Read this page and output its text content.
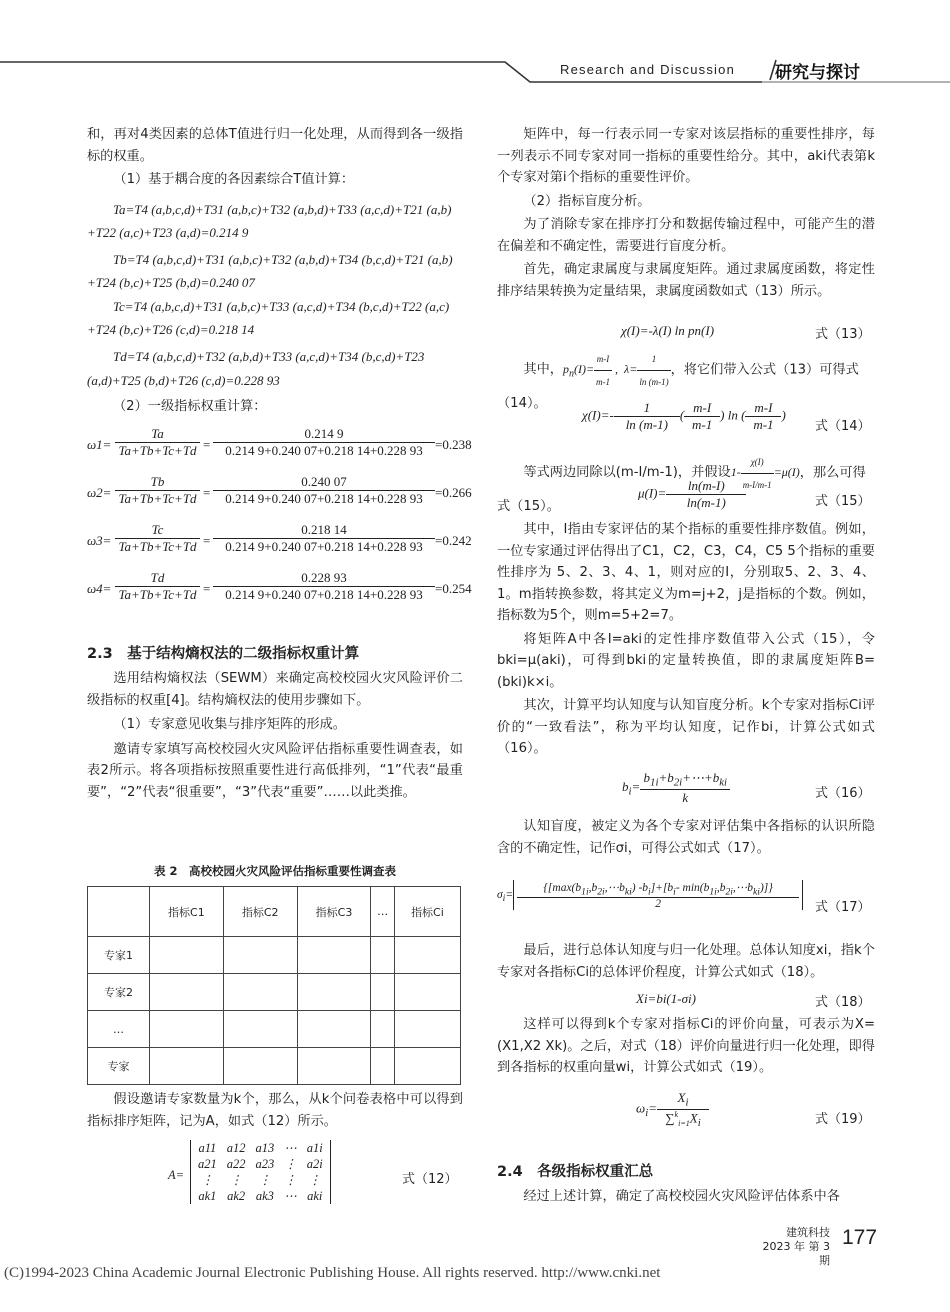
Research and Discussion 研究与探讨
和，再对4类因素的总体T值进行归一化处理，从而得到各一级指标的权重。
（1）基于耦合度的各因素综合T值计算：
Ta=T4 (a,b,c,d)+T31 (a,b,c)+T32 (a,b,d)+T33 (a,c,d)+T21 (a,b)
+T22 (a,c)+T23 (a,d)=0.214 9
Tb=T4 (a,b,c,d)+T31 (a,b,c)+T32 (a,b,d)+T34 (b,c,d)+T21 (a,b)
+T24 (b,c)+T25 (b,d)=0.240 07
Tc=T4 (a,b,c,d)+T31 (a,b,c)+T33 (a,c,d)+T34 (b,c,d)+T22 (a,c)
+T24 (b,c)+T26 (c,d)=0.218 14
Td=T4 (a,b,c,d)+T32 (a,b,d)+T33 (a,c,d)+T34 (b,c,d)+T23
(a,d)+T25 (b,d)+T26 (c,d)=0.228 93
（2）一级指标权重计算：
$\omega 1= \frac{Ta}{Ta+Tb+Tc+Td} = \frac{0.214 9}{0.214 9+0.240 07+0.218 14+0.228 93} =0.238$
$\omega 2= \frac{Tb}{Ta+Tb+Tc+Td} = \frac{0.240 07}{0.214 9+0.240 07+0.218 14+0.228 93} =0.266$
$\omega 3= \frac{Tc}{Ta+Tb+Tc+Td} = \frac{0.218 14}{0.214 9+0.240 07+0.218 14+0.228 93} =0.242$
$\omega 4= \frac{Td}{Ta+Tb+Tc+Td} = \frac{0.228 93}{0.214 9+0.240 07+0.218 14+0.228 93} =0.254$
2.3　基于结构熵权法的二级指标权重计算
选用结构熵权法（SEWM）来确定高校校园火灾风险评价二级指标的权重[4]。结构熵权法的使用步骤如下。
（1）专家意见收集与排序矩阵的形成。
邀请专家填写高校校园火灾风险评估指标重要性调查表，如表2所示。将各项指标按照重要性进行高低排列，“1”代表“最重要”，“2”代表“很重要”，“3”代表“重要”……以此类推。
表 2　高校校园火灾风险评估指标重要性调查表
	指标C1	指标C2	指标C3	…	指标Ci
专家1					
专家2					
…					
专家					
假设邀请专家数量为k个，那么，从k个问卷表格中可以得到指标排序矩阵，记为A，如式（12）所示。
A=
a11	a12	a13	⋯	a1i
a21	a22	a23	⋮	a2i
⋮	⋮	⋮	⋮	⋮
ak1	ak2	ak3	⋯	aki
式（12）
矩阵中，每一行表示同一专家对该层指标的重要性排序，每一列表示不同专家对同一指标的重要性给分。其中，aki代表第k个专家对第i个指标的重要性评价。
（2）指标盲度分析。
为了消除专家在排序打分和数据传输过程中，可能产生的潜在偏差和不确定性，需要进行盲度分析。
首先，确定隶属度与隶属度矩阵。通过隶属度函数，将定性排序结果转换为定量结果，隶属度函数如式（13）所示。
χ(I)=-λ(I) ln pn(I)	式（13）
其中，$p_n(I)= \frac{m-I}{m-1}$ ,  $\lambda= \frac{1}{\ln (m-1)}$ ，将它们带入公式（13）可得式（14）。
$\chi(I)=- \frac{1}{\ln (m-1)}$ ( $\frac{m-I}{m-1}$ ) ln ( $\frac{m-I}{m-1}$ )
式（14）
等式两边同除以(m-I/m-1)，并假设$1- \frac{\chi(I)}{m-I/m-1} =\mu(I)$，那么可得式（15）。
$\mu(I)= \frac{\ln(m-I)}{\ln(m-1)}$	式（15）
其中，I指由专家评估的某个指标的重要性排序数值。例如，一位专家通过评估得出了C1，C2，C3，C4，C5 5个指标的重要性排序为 5、2、3、4、1，则对应的I，分别取5、2、3、4、1。m指转换参数，将其定义为m=j+2，j是指标的个数。例如，指标数为5个，则m=5+2=7。
将矩阵A中各I=aki的定性排序数值带入公式（15），令bki=μ(aki)，可得到bki的定量转换值，即的隶属度矩阵B=(bki)k×i。
其次，计算平均认知度与认知盲度分析。k个专家对指标Ci评价的“一致看法”，称为平均认知度，记作bi，计算公式如式（16）。
$b_i= \frac{b_{1i}+b_{2i}+\cdots+b_{ki}}{k}$	式（16）
认知盲度，被定义为各个专家对评估集中各指标的认识所隐含的不确定性，记作σi，可得公式如式（17）。
$\sigma_i= \frac{\{[\max(b_{1i},b_{2i},\cdots b_{ki}) -b_i]+[b_i- \min(b_{1i},b_{2i},\cdots b_{ki})]\}}{2}$ 式（17）
最后，进行总体认知度与归一化处理。总体认知度xi，指k个专家对各指标Ci的总体评价程度，计算公式如式（18）。
Xi=bi(1-σi)	式（18）
这样可以得到k个专家对指标Ci的评价向量，可表示为X=(X1,X2 Xk)。之后，对式（18）评价向量进行归一化处理，即得到各指标的权重向量wi，计算公式如式（19）。
$\omega_i= \frac{X_i}{\sum^k_{i=1}X_i}$	式（19）
2.4　各级指标权重汇总
经过上述计算，确定了高校校园火灾风险评估体系中各
建筑科技
2023 年 第 3 期
177
(C)1994-2023 China Academic Journal Electronic Publishing House. All rights reserved. http://www.cnki.net
